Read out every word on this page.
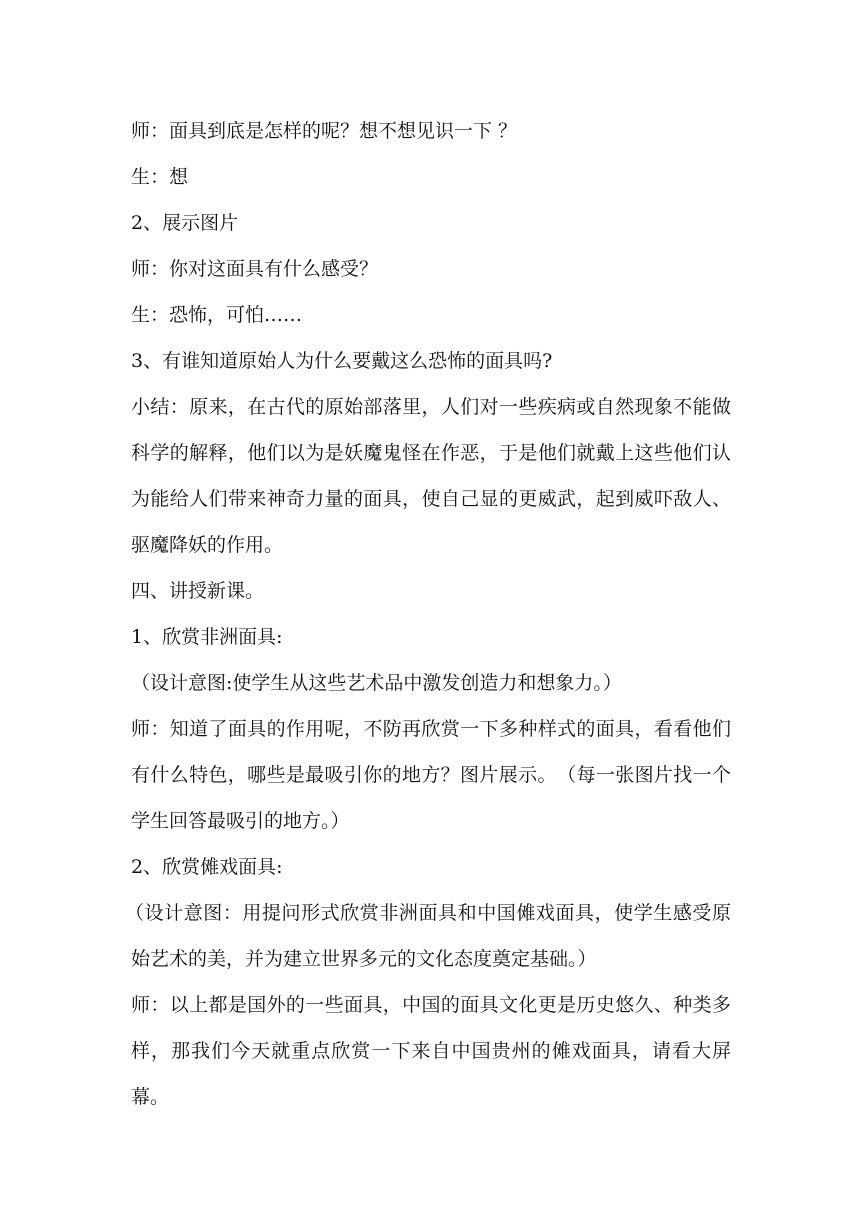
师：面具到底是怎样的呢？想不想见识一下 ？
生：想
2、展示图片
师：你对这面具有什么感受？
生：恐怖，可怕……
3、有谁知道原始人为什么要戴这么恐怖的面具吗?
小结：原来，在古代的原始部落里，人们对一些疾病或自然现象不能做科学的解释，他们以为是妖魔鬼怪在作恶，于是他们就戴上这些他们认为能给人们带来神奇力量的面具，使自己显的更威武，起到威吓敌人、驱魔降妖的作用。
四、讲授新课。
1、欣赏非洲面具:
（设计意图:使学生从这些艺术品中激发创造力和想象力。）
师：知道了面具的作用呢，不防再欣赏一下多种样式的面具，看看他们有什么特色，哪些是最吸引你的地方？图片展示。　（每一张图片找一个学生回答最吸引的地方。）
2、欣赏傩戏面具:
（设计意图：用提问形式欣赏非洲面具和中国傩戏面具，使学生感受原始艺术的美，并为建立世界多元的文化态度奠定基础。）
师：以上都是国外的一些面具，中国的面具文化更是历史悠久、种类多样，那我们今天就重点欣赏一下来自中国贵州的傩戏面具，请看大屏幕。
